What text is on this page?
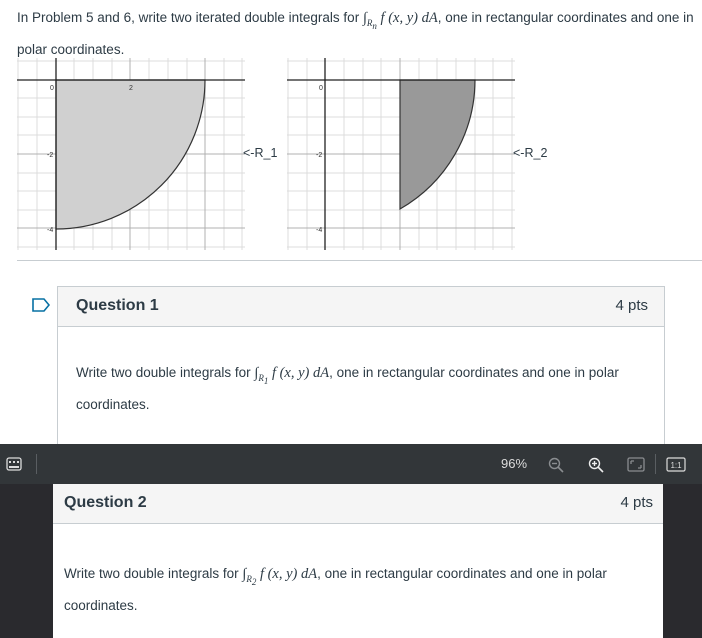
In Problem 5 and 6, write two iterated double integrals for $\int_{R_n}$ f (x, y) dA, one in rectangular coordinates and one in polar coordinates.
0	2
-2
-4
<-R_1
0
-2
-4
<-R_2
Question 1	4 pts
Write two double integrals for $\int_{R_1}$ f (x, y) dA, one in rectangular coordinates and one in polar coordinates.
96%	1:1
Question 2	4 pts
Write two double integrals for $\int_{R_2}$ f (x, y) dA, one in rectangular coordinates and one in polar coordinates.
